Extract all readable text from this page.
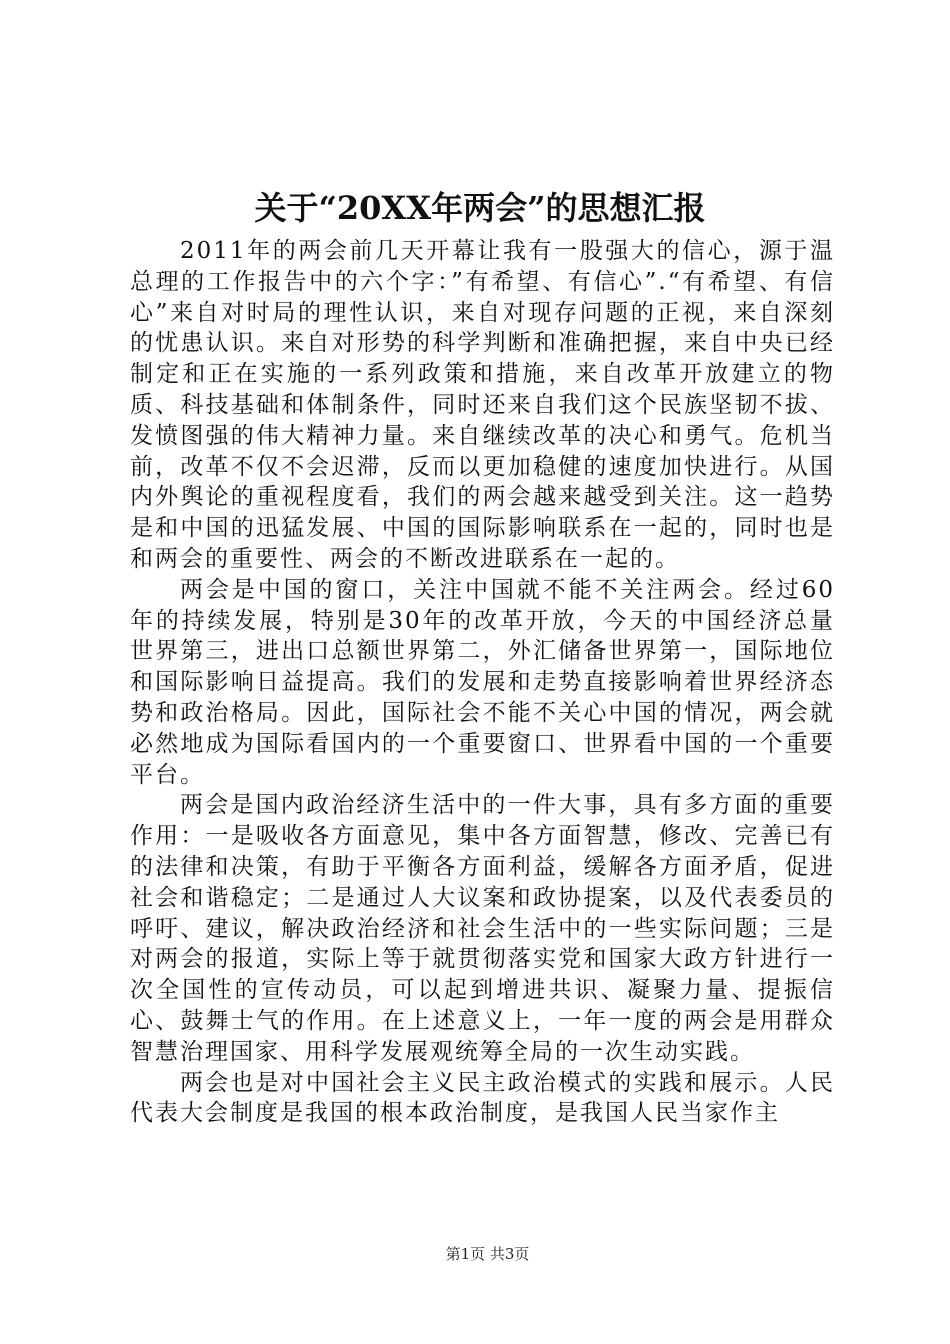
关于“20XX年两会”的思想汇报

2011年的两会前几天开幕让我有一股强大的信心，源于温总理的工作报告中的六个字：”有希望、有信心”.“有希望、有信心”来自对时局的理性认识，来自对现存问题的正视，来自深刻的忧患认识。来自对形势的科学判断和准确把握，来自中央已经制定和正在实施的一系列政策和措施，来自改革开放建立的物质、科技基础和体制条件，同时还来自我们这个民族坚韧不拔、发愤图强的伟大精神力量。来自继续改革的决心和勇气。危机当前，改革不仅不会迟滞，反而以更加稳健的速度加快进行。从国内外舆论的重视程度看，我们的两会越来越受到关注。这一趋势是和中国的迅猛发展、中国的国际影响联系在一起的，同时也是和两会的重要性、两会的不断改进联系在一起的。

两会是中国的窗口，关注中国就不能不关注两会。经过60年的持续发展，特别是30年的改革开放，今天的中国经济总量世界第三，进出口总额世界第二，外汇储备世界第一，国际地位和国际影响日益提高。我们的发展和走势直接影响着世界经济态势和政治格局。因此，国际社会不能不关心中国的情况，两会就必然地成为国际看国内的一个重要窗口、世界看中国的一个重要平台。

两会是国内政治经济生活中的一件大事，具有多方面的重要作用：一是吸收各方面意见，集中各方面智慧，修改、完善已有的法律和决策，有助于平衡各方面利益，缓解各方面矛盾，促进社会和谐稳定；二是通过人大议案和政协提案，以及代表委员的呼吁、建议，解决政治经济和社会生活中的一些实际问题；三是对两会的报道，实际上等于就贯彻落实党和国家大政方针进行一次全国性的宣传动员，可以起到增进共识、凝聚力量、提振信心、鼓舞士气的作用。在上述意义上，一年一度的两会是用群众智慧治理国家、用科学发展观统筹全局的一次生动实践。

两会也是对中国社会主义民主政治模式的实践和展示。人民代表大会制度是我国的根本政治制度，是我国人民当家作主

第1页 共3页
